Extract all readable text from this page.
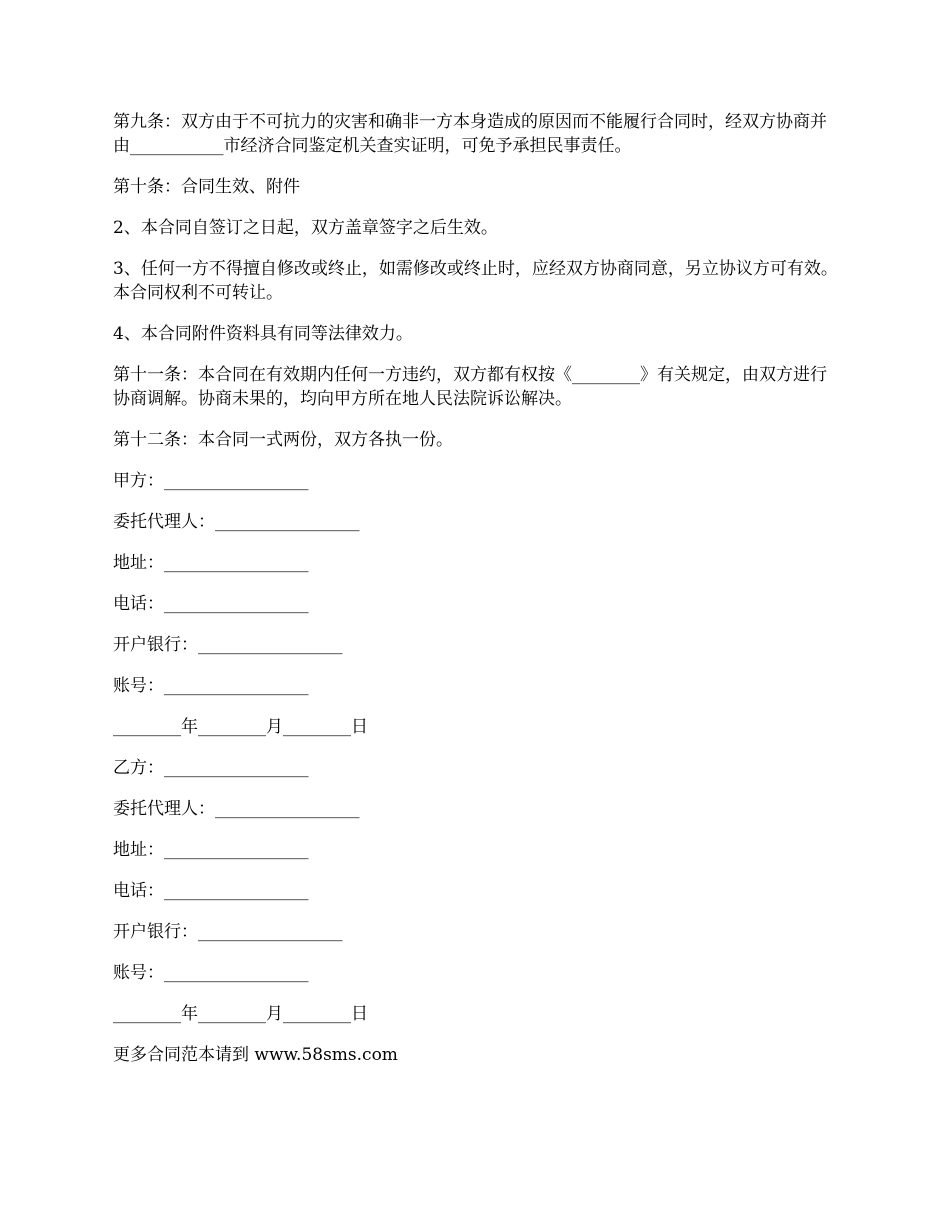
第九条：双方由于不可抗力的灾害和确非一方本身造成的原因而不能履行合同时，经双方协商并由___________市经济合同鉴定机关查实证明，可免予承担民事责任。

第十条：合同生效、附件

2、本合同自签订之日起，双方盖章签字之后生效。

3、任何一方不得擅自修改或终止，如需修改或终止时，应经双方协商同意，另立协议方可有效。本合同权利不可转让。

4、本合同附件资料具有同等法律效力。

第十一条：本合同在有效期内任何一方违约，双方都有权按《________》有关规定，由双方进行协商调解。协商未果的，均向甲方所在地人民法院诉讼解决。

第十二条：本合同一式两份，双方各执一份。

甲方：_________________

委托代理人：_________________

地址：_________________

电话：_________________

开户银行：_________________

账号：_________________

________年________月________日

乙方：_________________

委托代理人：_________________

地址：_________________

电话：_________________

开户银行：_________________

账号：_________________

________年________月________日

更多合同范本请到 www.58sms.com
